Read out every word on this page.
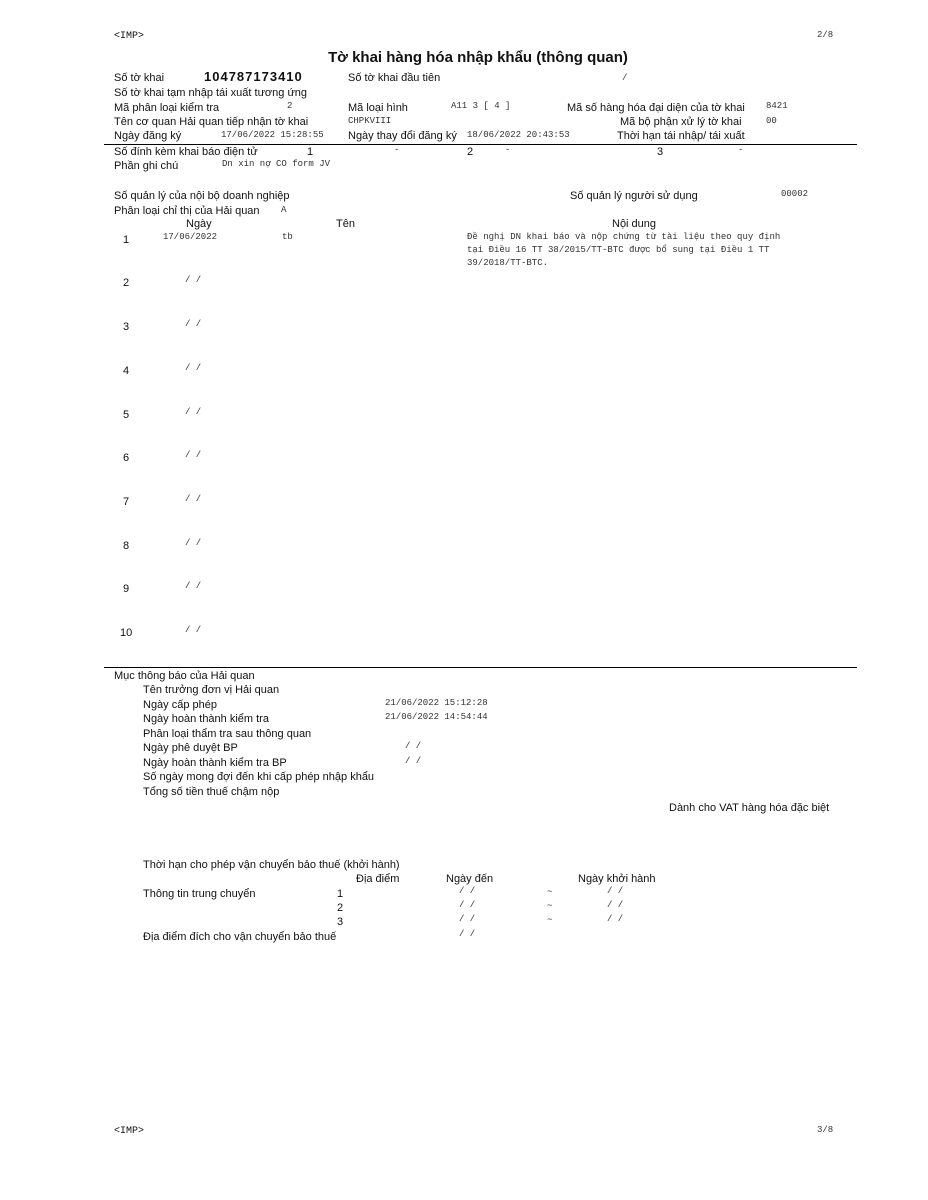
<IMP>	2/8
Tờ khai hàng hóa nhập khẩu (thông quan)
Số tờ khai	104787173410	Số tờ khai đầu tiên	/
Số tờ khai tạm nhập tái xuất tương ứng
Mã phân loại kiểm tra	2	Mã loại hình	A11 3 [ 4 ]	Mã số hàng hóa đại diện của tờ khai 8421
Tên cơ quan Hải quan tiếp nhận tờ khai	CHPKVIII	Mã bộ phận xử lý tờ khai	00
Ngày đăng ký	17/06/2022 15:28:55 Ngày thay đổi đăng ký 18/06/2022 20:43:53	Thời hạn tái nhập/ tái xuất
Số đính kèm khai báo điện tử	1	-	2	-	3	-
Phần ghi chú	Dn xin nợ CO form JV
Số quản lý của nội bộ doanh nghiệp	Số quản lý người sử dụng	00002
Phân loại chỉ thị của Hải quan A
Ngày	Tên	Nội dung
1	17/06/2022	tb	Đề nghị DN khai báo và nộp chứng từ tài liệu theo quy định
tại Điều 16 TT 38/2015/TT-BTC được bổ sung tại Điều 1 TT
39/2018/TT-BTC.
2	/ /
3	/ /
4	/ /
5	/ /
6	/ /
7	/ /
8	/ /
9	/ /
10	/ /
Mục thông báo của Hải quan
Tên trưởng đơn vị Hải quan
Ngày cấp phép	21/06/2022 15:12:28
Ngày hoàn thành kiểm tra	21/06/2022 14:54:44
Phân loại thẩm tra sau thông quan
Ngày phê duyệt BP	/ /
Ngày hoàn thành kiểm tra BP	/ /
Số ngày mong đợi đến khi cấp phép nhập khẩu
Tổng số tiền thuế chậm nộp
Dành cho VAT hàng hóa đặc biệt
Thời hạn cho phép vận chuyển bảo thuế (khởi hành)
Địa điểm	Ngày đến	Ngày khởi hành
Thông tin trung chuyển	1	/ /	~	/ /
2	/ /	~	/ /
3	/ /	~	/ /
Địa điểm đích cho vận chuyển bảo thuế	/ /
<IMP>	3/8
